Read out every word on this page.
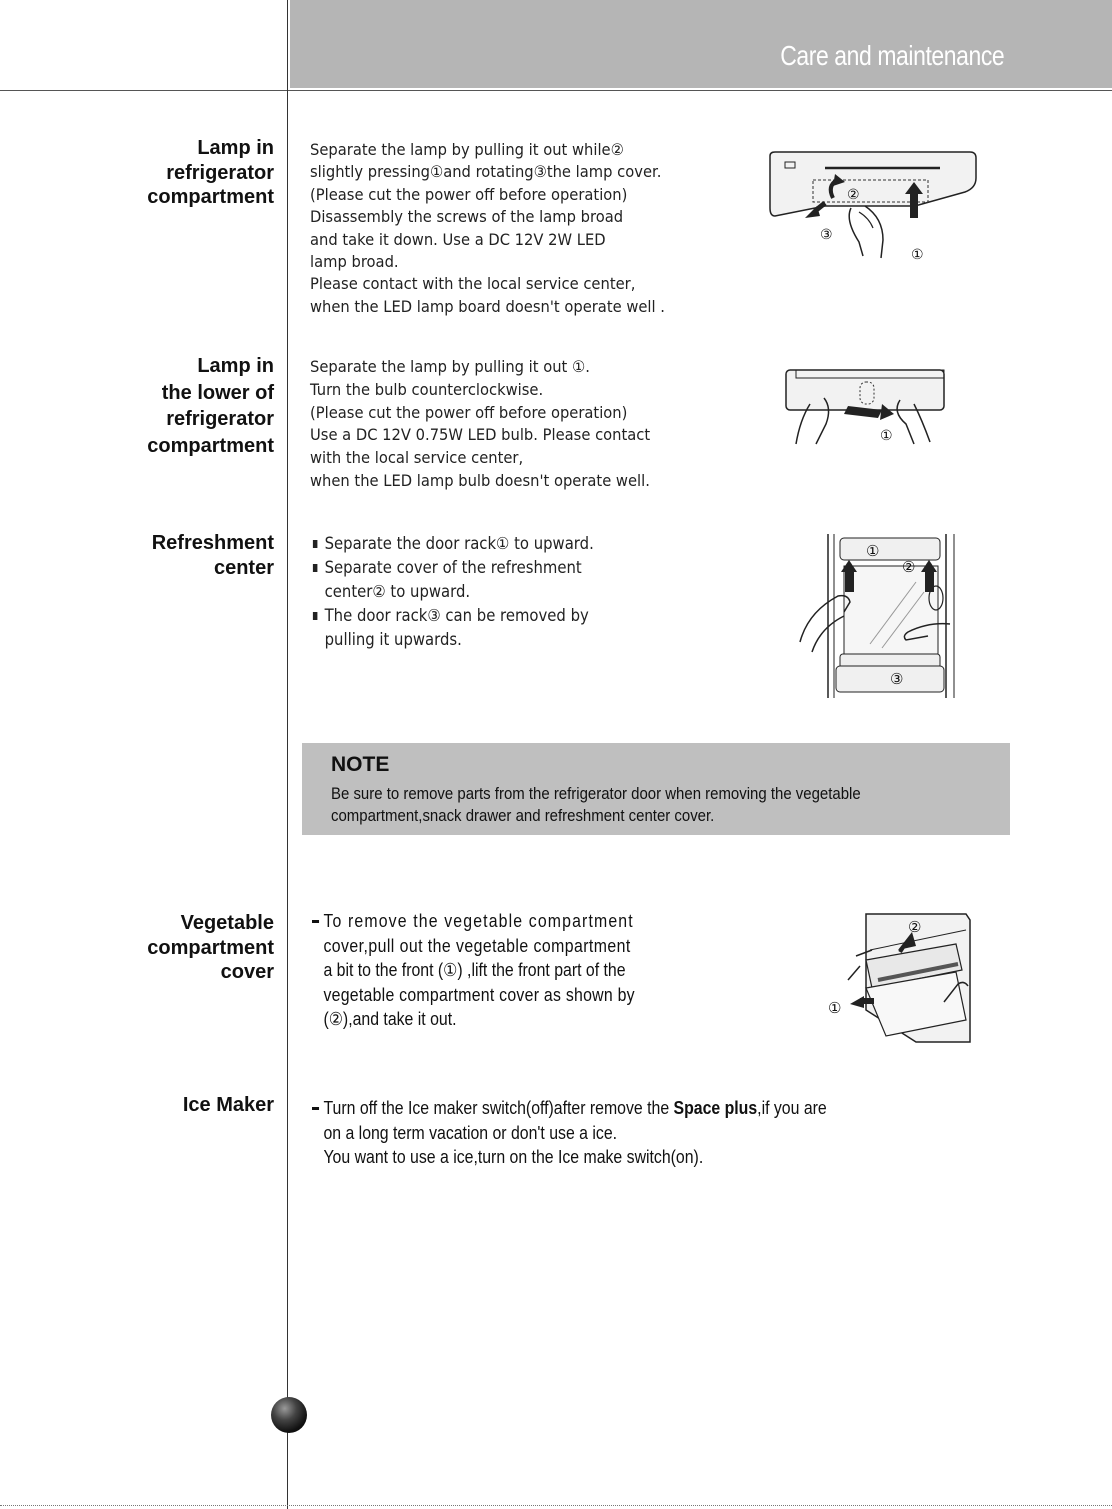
Care and maintenance
Lamp in
refrigerator
compartment
Separate the lamp by pulling it out while②
slightly pressing①and rotating③the lamp cover.
(Please cut the power off before operation)
Disassembly the screws of the lamp broad
and take it down. Use a DC 12V 2W LED
lamp broad.
Please contact with the local service center,
when the LED lamp board doesn't operate well .
②
③
①
Lamp in
the lower of
refrigerator
compartment
Separate the lamp by pulling it out ①.
Turn the bulb counterclockwise.
(Please cut the power off before operation)
Use a DC 12V 0.75W LED bulb. Please contact
with the local service center,
when the LED lamp bulb doesn't operate well.
①
Refreshment
center
Separate the door rack① to upward.
Separate cover of the refreshment
center② to upward.
The door rack③ can be removed by
pulling it upwards.
①
②
③
NOTE
Be sure to remove parts from the refrigerator door when removing the vegetable compartment,snack drawer and refreshment center cover.
Vegetable
compartment
cover
To remove the vegetable compartment
cover,pull out the vegetable compartment
a bit to the front (①) ,lift the front part of the
vegetable compartment cover as shown by
(②),and take it out.
②
①
Ice Maker	Turn off the Ice maker switch(off)after remove the Space plus,if you are
on a long term vacation or don't use a ice.
You want to use a ice,turn on the Ice make switch(on).
